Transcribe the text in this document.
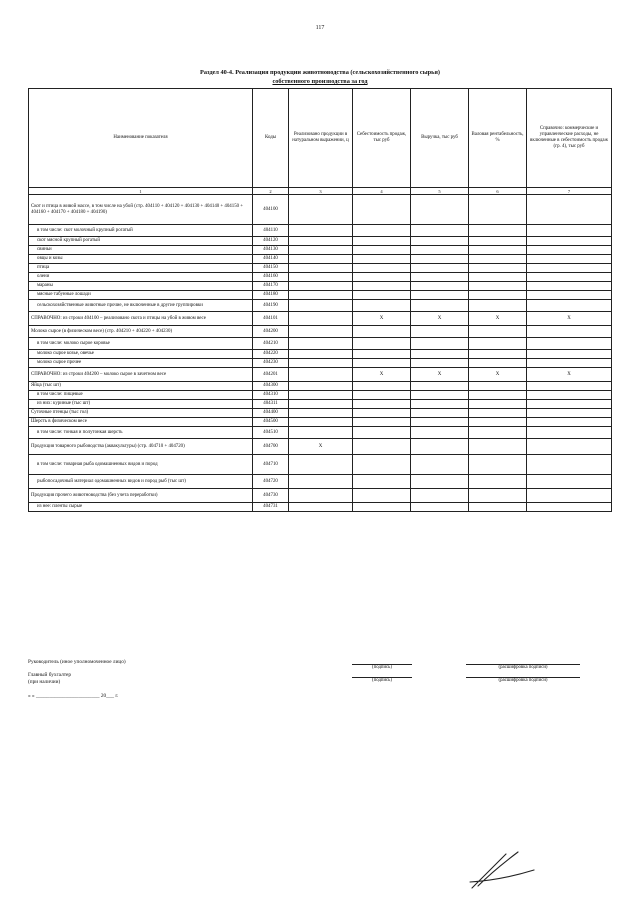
117
Раздел 40-4. Реализация продукции животноводства (сельскохозяйственного сырья)
собственного производства за год
Наименование показателя	Коды	Реализовано продукции в натуральном выражении, ц	Себестоимость продаж, тыс руб	Выручка, тыс руб	Валовая рентабельность, %	Справочно: коммерческие и управленческие расходы, не включенные в себестоимость продаж (гр. 4), тыс руб
1	2	3	4	5	6	7
Скот и птица в живой массе, в том числе на убой (стр. 404110 + 404120 + 404130 + 404140 + 404150 + 404160 + 404170 + 404180 + 404190)	404100					
в том числе: скот молочный крупный рогатый	404110					
скот мясной крупный рогатый	404120					
свиньи	404130					
овцы и козы	404140					
птица	404150					
олени	404160					
мараны	404170					
мясные табунные лошади	404180					
сельскохозяйственные животные прочие, не включенные в другие группировки	404190					
СПРАВОЧНО: из строки 404100 – реализовано скота и птицы на убой в живом весе	404101		X	X	X	X
Молоко сырое (в физическом весе) (стр. 404210 + 404220 + 404230)	404200					
в том числе: молоко сырое коровье	404210					
молоко сырое козье, овечье	404220					
молоко сырое прочее	404230					
СПРАВОЧНО: из строки 404200 – молоко сырое в зачетном весе	404201		X	X	X	X
Яйца (тыс шт)	404300					
в том числе: пищевые	404310					
из них: куриные (тыс шт)	404311					
Суточные птенцы (тыс гол)	404400					
Шерсть в физическом весе	404500					
в том числе: тонкая и полутонкая шерсть	404510					
Продукция товарного рыбоводства (аквакультуры) (стр. 404710 + 404720)	404700	X				
в том числе: товарная рыба одомашненных видов и пород	404710					
рыбопосадочный материал одомашненных видов и пород рыб (тыс шт)	404720					
Продукция прочего животноводства (без учета переработки)	404730					
из нее: пленты сырые	404731					
Руководитель (иное уполномоченное лицо)
(подпись)	(расшифровка подписи)
Главный бухгалтер
(при наличии)	(подпись)	(расшифровка подписи)
« » ________________________ 20___ г.
